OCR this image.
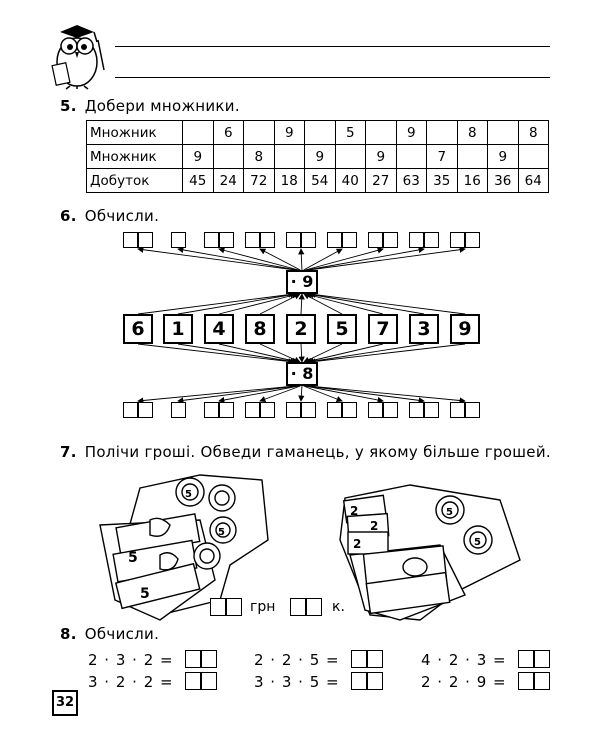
5. Добери множники.
Множник		6		9		5		9		8		8
Множник	9		8		9		9		7		9	
Добуток	45	24	72	18	54	40	27	63	35	16	36	64
6. Обчисли.
6	1	4	8	2	5	7	3	9
· 9
· 8
7. Полічи гроші. Обведи гаманець, у якому більше грошей.
5
5
5
5
2
2
2
5
5
грн	к.
8. Обчисли.
2 · 3 · 2 =	2 · 2 · 5 =	4 · 2 · 3 =
3 · 2 · 2 =	3 · 3 · 5 =	2 · 2 · 9 =
32
